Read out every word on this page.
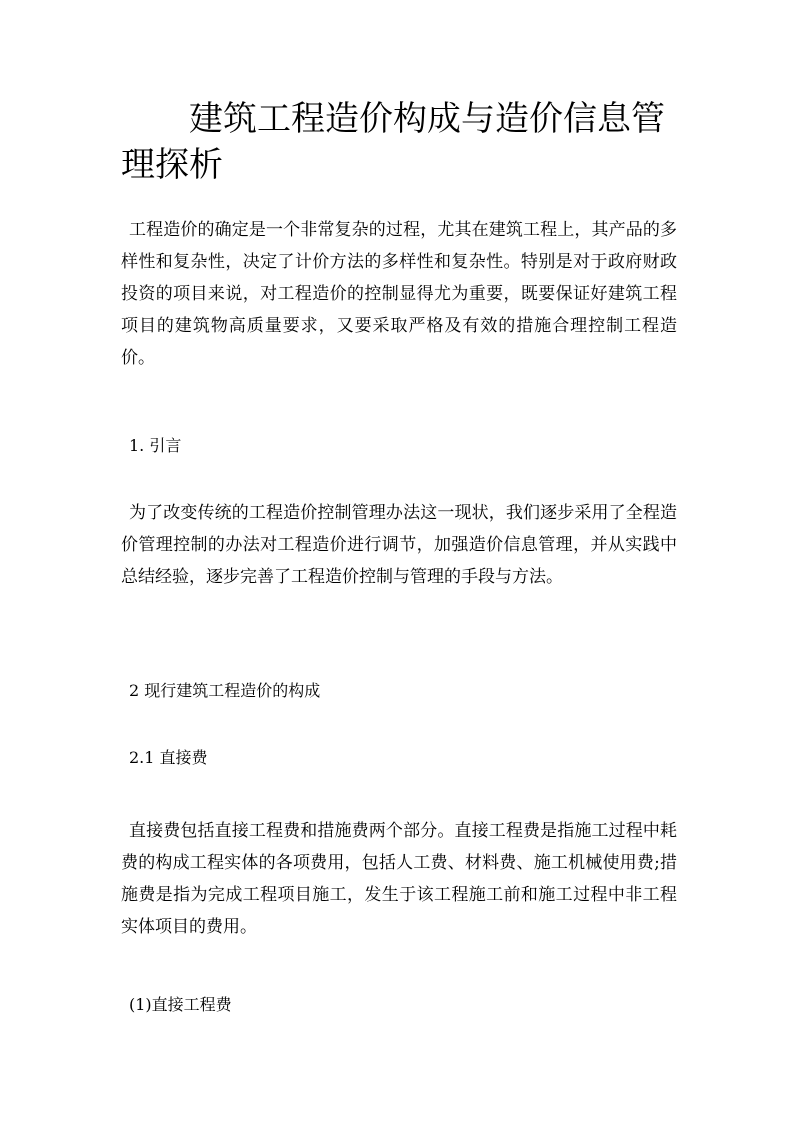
建筑工程造价构成与造价信息管理探析

工程造价的确定是一个非常复杂的过程，尤其在建筑工程上，其产品的多样性和复杂性，决定了计价方法的多样性和复杂性。特别是对于政府财政投资的项目来说，对工程造价的控制显得尤为重要，既要保证好建筑工程项目的建筑物高质量要求，又要采取严格及有效的措施合理控制工程造价。

1. 引言

为了改变传统的工程造价控制管理办法这一现状，我们逐步采用了全程造价管理控制的办法对工程造价进行调节，加强造价信息管理，并从实践中总结经验，逐步完善了工程造价控制与管理的手段与方法。

2 现行建筑工程造价的构成

2.1 直接费

直接费包括直接工程费和措施费两个部分。直接工程费是指施工过程中耗费的构成工程实体的各项费用，包括人工费、材料费、施工机械使用费;措施费是指为完成工程项目施工，发生于该工程施工前和施工过程中非工程实体项目的费用。

(1)直接工程费
